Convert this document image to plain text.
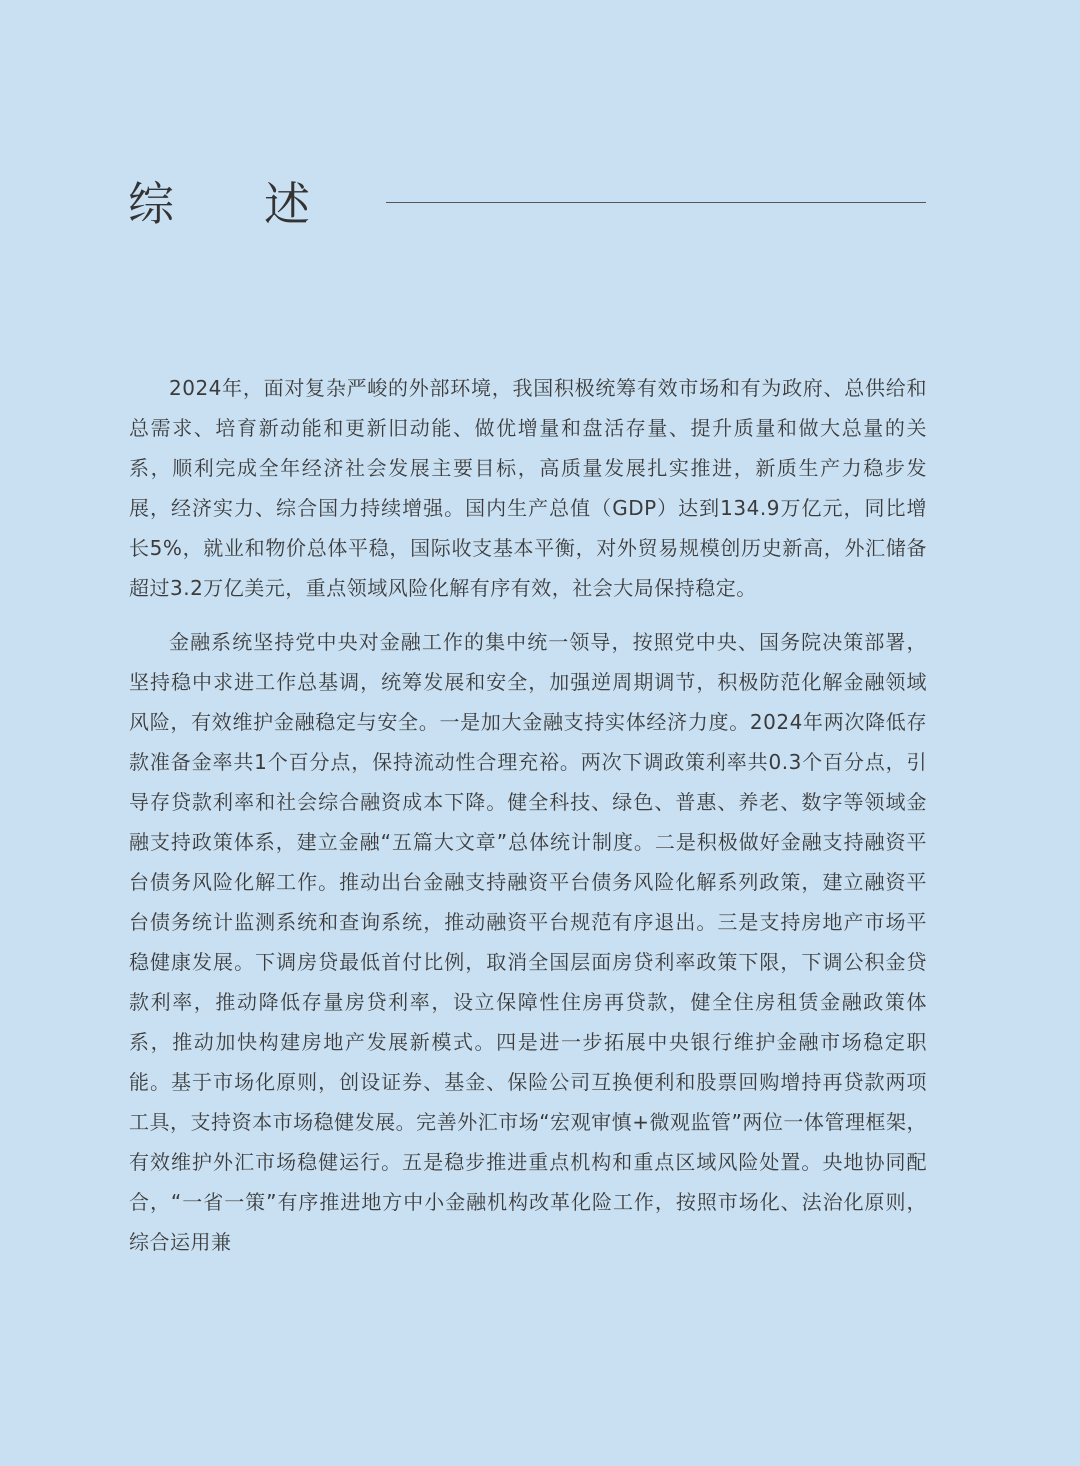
综 述

2024年，面对复杂严峻的外部环境，我国积极统筹有效市场和有为政府、总供给和总需求、培育新动能和更新旧动能、做优增量和盘活存量、提升质量和做大总量的关系，顺利完成全年经济社会发展主要目标，高质量发展扎实推进，新质生产力稳步发展，经济实力、综合国力持续增强。国内生产总值（GDP）达到134.9万亿元，同比增长5%，就业和物价总体平稳，国际收支基本平衡，对外贸易规模创历史新高，外汇储备超过3.2万亿美元，重点领域风险化解有序有效，社会大局保持稳定。

金融系统坚持党中央对金融工作的集中统一领导，按照党中央、国务院决策部署，坚持稳中求进工作总基调，统筹发展和安全，加强逆周期调节，积极防范化解金融领域风险，有效维护金融稳定与安全。一是加大金融支持实体经济力度。2024年两次降低存款准备金率共1个百分点，保持流动性合理充裕。两次下调政策利率共0.3个百分点，引导存贷款利率和社会综合融资成本下降。健全科技、绿色、普惠、养老、数字等领域金融支持政策体系，建立金融“五篇大文章”总体统计制度。二是积极做好金融支持融资平台债务风险化解工作。推动出台金融支持融资平台债务风险化解系列政策，建立融资平台债务统计监测系统和查询系统，推动融资平台规范有序退出。三是支持房地产市场平稳健康发展。下调房贷最低首付比例，取消全国层面房贷利率政策下限，下调公积金贷款利率，推动降低存量房贷利率，设立保障性住房再贷款，健全住房租赁金融政策体系，推动加快构建房地产发展新模式。四是进一步拓展中央银行维护金融市场稳定职能。基于市场化原则，创设证券、基金、保险公司互换便利和股票回购增持再贷款两项工具，支持资本市场稳健发展。完善外汇市场“宏观审慎+微观监管”两位一体管理框架，有效维护外汇市场稳健运行。五是稳步推进重点机构和重点区域风险处置。央地协同配合，“一省一策”有序推进地方中小金融机构改革化险工作，按照市场化、法治化原则，综合运用兼
